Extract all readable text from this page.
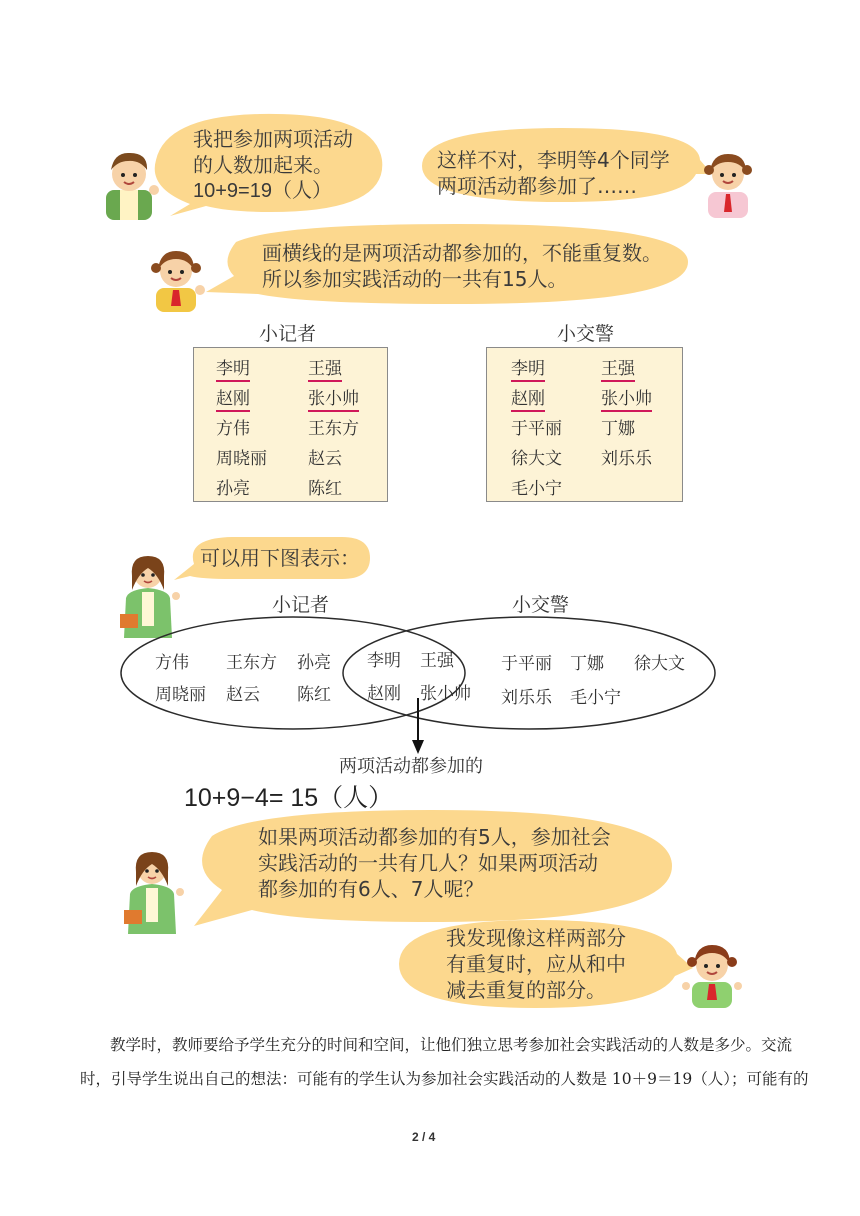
我把参加两项活动
的人数加起来。
10+9=19（人）
这样不对，李明等4个同学
两项活动都参加了……
画横线的是两项活动都参加的，不能重复数。
所以参加实践活动的一共有15人。
小记者
李明	王强
赵刚	张小帅
方伟	王东方
周晓丽 赵云
孙亮	陈红
小交警
李明	王强
赵刚	张小帅
于平丽 丁娜
徐大文 刘乐乐
毛小宁
可以用下图表示：
小记者	小交警
方伟 王东方 孙亮
周晓丽 赵云 陈红
李明 王强
赵刚 张小帅
于平丽 丁娜 徐大文
刘乐乐 毛小宁
两项活动都参加的
10+9−4= 15（人）
如果两项活动都参加的有5人，参加社会
实践活动的一共有几人？如果两项活动
都参加的有6人、7人呢？
我发现像这样两部分
有重复时，应从和中
减去重复的部分。
教学时，教师要给予学生充分的时间和空间，让他们独立思考参加社会实践活动的人数是多少。交流
时，引导学生说出自己的想法：可能有的学生认为参加社会实践活动的人数是 10＋9＝19（人）；可能有的
2 / 4
